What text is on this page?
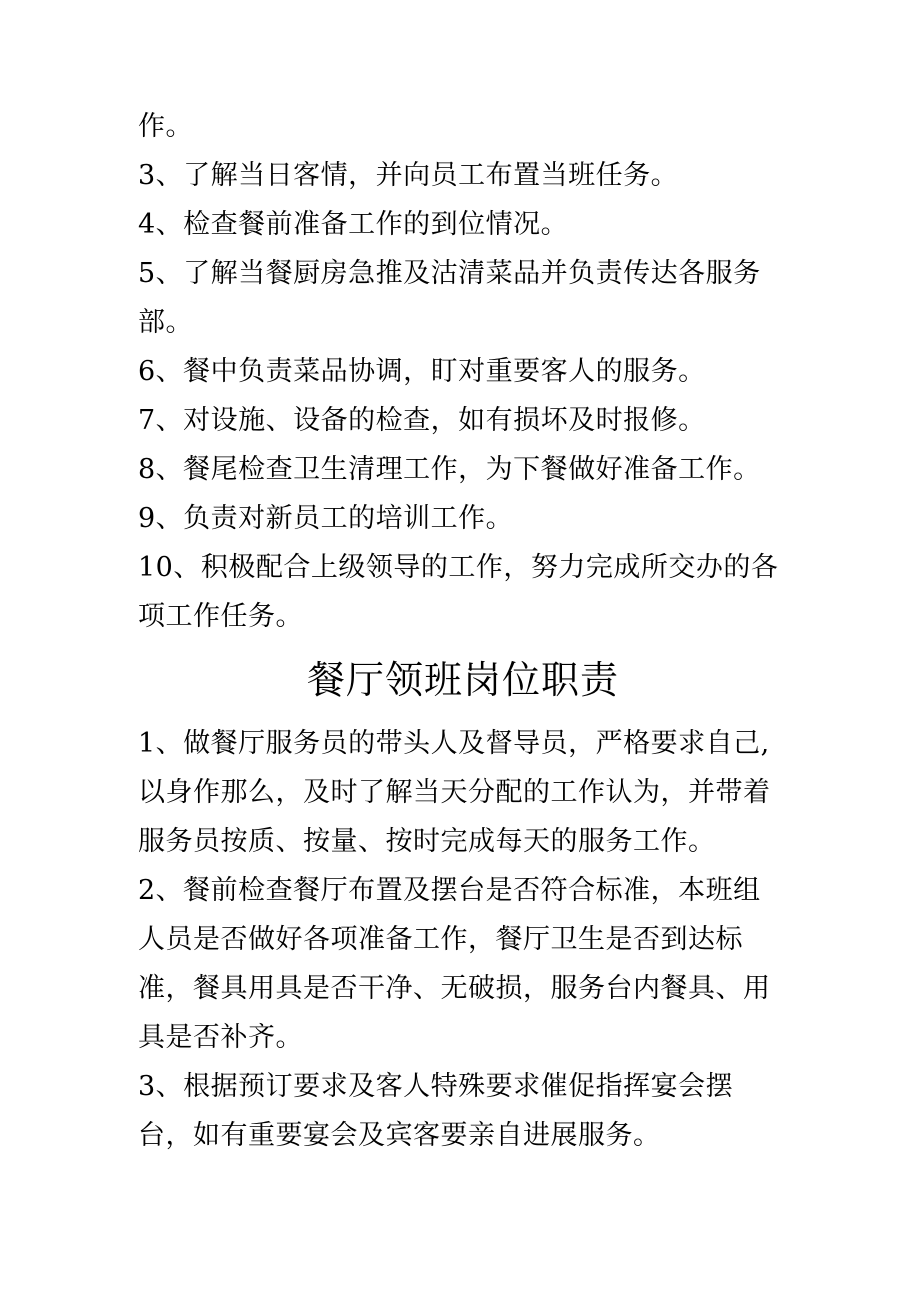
作。
3、了解当日客情，并向员工布置当班任务。
4、检查餐前准备工作的到位情况。
5、了解当餐厨房急推及沽清菜品并负责传达各服务
部。
6、餐中负责菜品协调，盯对重要客人的服务。
7、对设施、设备的检查，如有损坏及时报修。
8、餐尾检查卫生清理工作，为下餐做好准备工作。
9、负责对新员工的培训工作。
10、积极配合上级领导的工作，努力完成所交办的各
项工作任务。
餐厅领班岗位职责
1、做餐厅服务员的带头人及督导员，严格要求自己,
以身作那么，及时了解当天分配的工作认为，并带着
服务员按质、按量、按时完成每天的服务工作。
2、餐前检查餐厅布置及摆台是否符合标准，本班组
人员是否做好各项准备工作，餐厅卫生是否到达标
准，餐具用具是否干净、无破损，服务台内餐具、用
具是否补齐。
3、根据预订要求及客人特殊要求催促指挥宴会摆
台，如有重要宴会及宾客要亲自进展服务。
